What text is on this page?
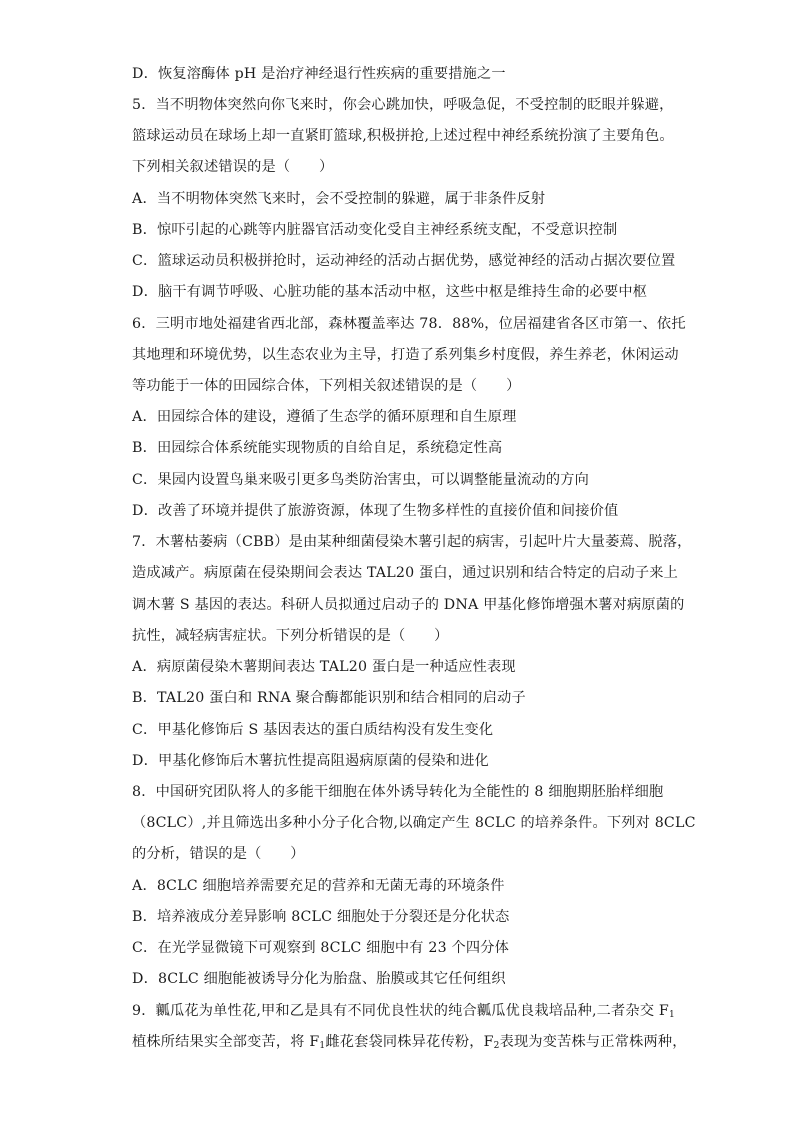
D．恢复溶酶体 pH 是治疗神经退行性疾病的重要措施之一
5．当不明物体突然向你飞来时，你会心跳加快，呼吸急促，不受控制的眨眼并躲避，
篮球运动员在球场上却一直紧盯篮球,积极拼抢,上述过程中神经系统扮演了主要角色。
下列相关叙述错误的是（　　）
A．当不明物体突然飞来时，会不受控制的躲避，属于非条件反射
B．惊吓引起的心跳等内脏器官活动变化受自主神经系统支配，不受意识控制
C．篮球运动员积极拼抢时，运动神经的活动占据优势，感觉神经的活动占据次要位置
D．脑干有调节呼吸、心脏功能的基本活动中枢，这些中枢是维持生命的必要中枢
6．三明市地处福建省西北部，森林覆盖率达 78．88%，位居福建省各区市第一、依托
其地理和环境优势，以生态农业为主导，打造了系列集乡村度假，养生养老，休闲运动
等功能于一体的田园综合体，下列相关叙述错误的是（　　）
A．田园综合体的建设，遵循了生态学的循环原理和自生原理
B．田园综合体系统能实现物质的自给自足，系统稳定性高
C．果园内设置鸟巢来吸引更多鸟类防治害虫，可以调整能量流动的方向
D．改善了环境并提供了旅游资源，体现了生物多样性的直接价值和间接价值
7．木薯枯萎病（CBB）是由某种细菌侵染木薯引起的病害，引起叶片大量萎蔫、脱落，
造成减产。病原菌在侵染期间会表达 TAL20 蛋白，通过识别和结合特定的启动子来上
调木薯 S 基因的表达。科研人员拟通过启动子的 DNA 甲基化修饰增强木薯对病原菌的
抗性，减轻病害症状。下列分析错误的是（　　）
A．病原菌侵染木薯期间表达 TAL20 蛋白是一种适应性表现
B．TAL20 蛋白和 RNA 聚合酶都能识别和结合相同的启动子
C．甲基化修饰后 S 基因表达的蛋白质结构没有发生变化
D．甲基化修饰后木薯抗性提高阻遏病原菌的侵染和进化
8．中国研究团队将人的多能干细胞在体外诱导转化为全能性的 8 细胞期胚胎样细胞
（8CLC）,并且筛选出多种小分子化合物,以确定产生 8CLC 的培养条件。下列对 8CLC
的分析，错误的是（　　）
A．8CLC 细胞培养需要充足的营养和无菌无毒的环境条件
B．培养液成分差异影响 8CLC 细胞处于分裂还是分化状态
C．在光学显微镜下可观察到 8CLC 细胞中有 23 个四分体
D．8CLC 细胞能被诱导分化为胎盘、胎膜或其它任何组织
9．瓤瓜花为单性花,甲和乙是具有不同优良性状的纯合瓤瓜优良栽培品种,二者杂交 $F_1$
植株所结果实全部变苦，将 $F_1$雌花套袋同株异花传粉，$F_2$表现为变苦株与正常株两种，
